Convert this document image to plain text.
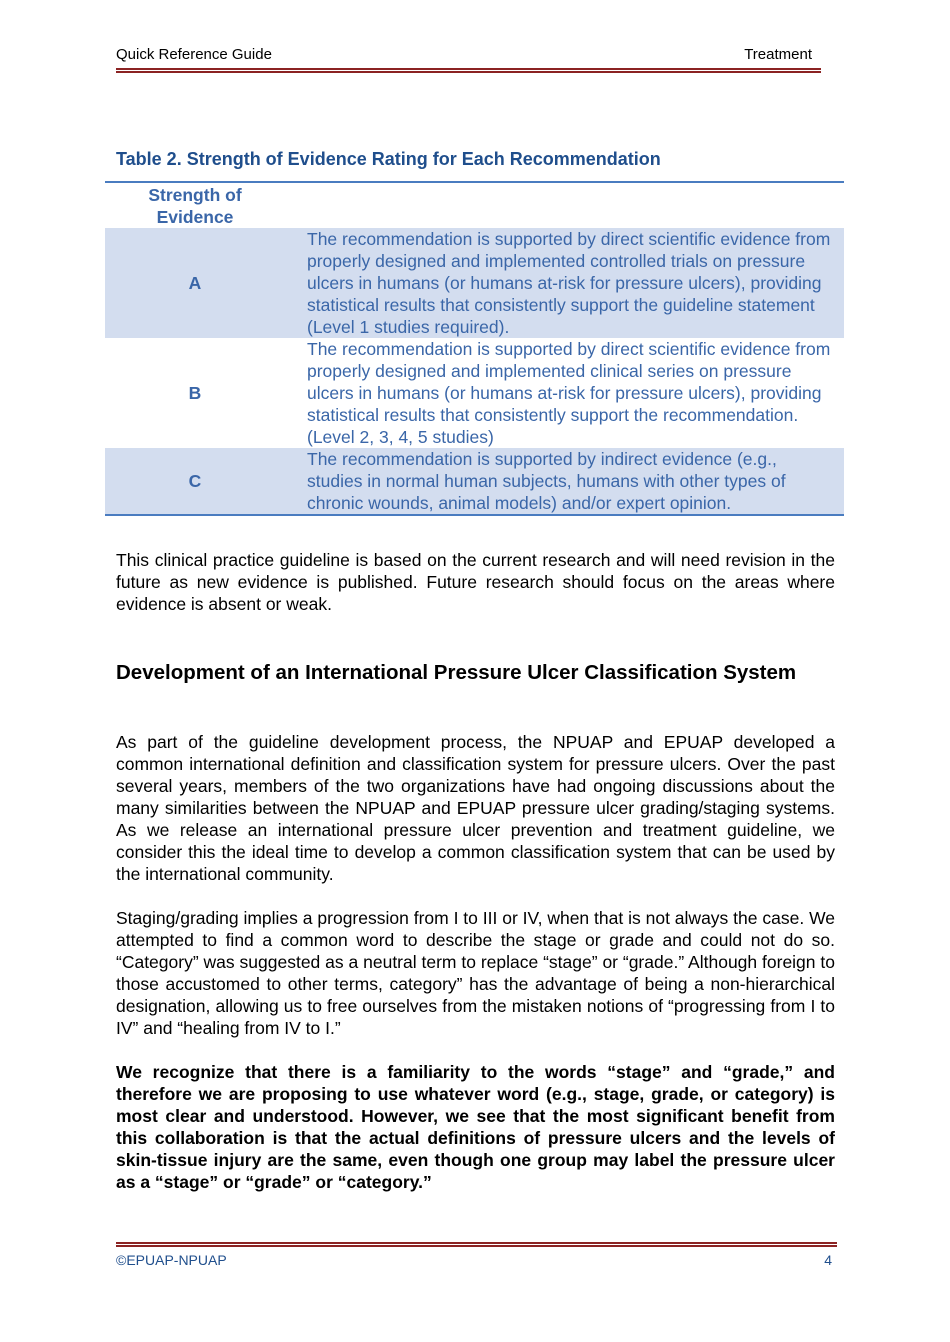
Quick Reference Guide	Treatment
Table 2. Strength of Evidence Rating for Each Recommendation
Strength of Evidence	
A	The recommendation is supported by direct scientific evidence from properly designed and implemented controlled trials on pressure ulcers in humans (or humans at-risk for pressure ulcers), providing statistical results that consistently support the guideline statement (Level 1 studies required).
B	The recommendation is supported by direct scientific evidence from properly designed and implemented clinical series on pressure ulcers in humans (or humans at-risk for pressure ulcers), providing statistical results that consistently support the recommendation. (Level 2, 3, 4, 5 studies)
C	The recommendation is supported by indirect evidence (e.g., studies in normal human subjects, humans with other types of chronic wounds, animal models) and/or expert opinion.
This clinical practice guideline is based on the current research and will need revision in the future as new evidence is published. Future research should focus on the areas where evidence is absent or weak.
Development of an International Pressure Ulcer Classification System
As part of the guideline development process, the NPUAP and EPUAP developed a common international definition and classification system for pressure ulcers. Over the past several years, members of the two organizations have had ongoing discussions about the many similarities between the NPUAP and EPUAP pressure ulcer grading/staging systems. As we release an international pressure ulcer prevention and treatment guideline, we consider this the ideal time to develop a common classification system that can be used by the international community.
Staging/grading implies a progression from I to III or IV, when that is not always the case. We attempted to find a common word to describe the stage or grade and could not do so. “Category” was suggested as a neutral term to replace “stage” or “grade.” Although foreign to those accustomed to other terms, category” has the advantage of being a non-hierarchical designation, allowing us to free ourselves from the mistaken notions of “progressing from I to IV” and “healing from IV to I.”
We recognize that there is a familiarity to the words “stage” and “grade,” and therefore we are proposing to use whatever word (e.g., stage, grade, or category) is most clear and understood. However, we see that the most significant benefit from this collaboration is that the actual definitions of pressure ulcers and the levels of skin-tissue injury are the same, even though one group may label the pressure ulcer as a “stage” or “grade” or “category.”
©EPUAP-NPUAP	4
